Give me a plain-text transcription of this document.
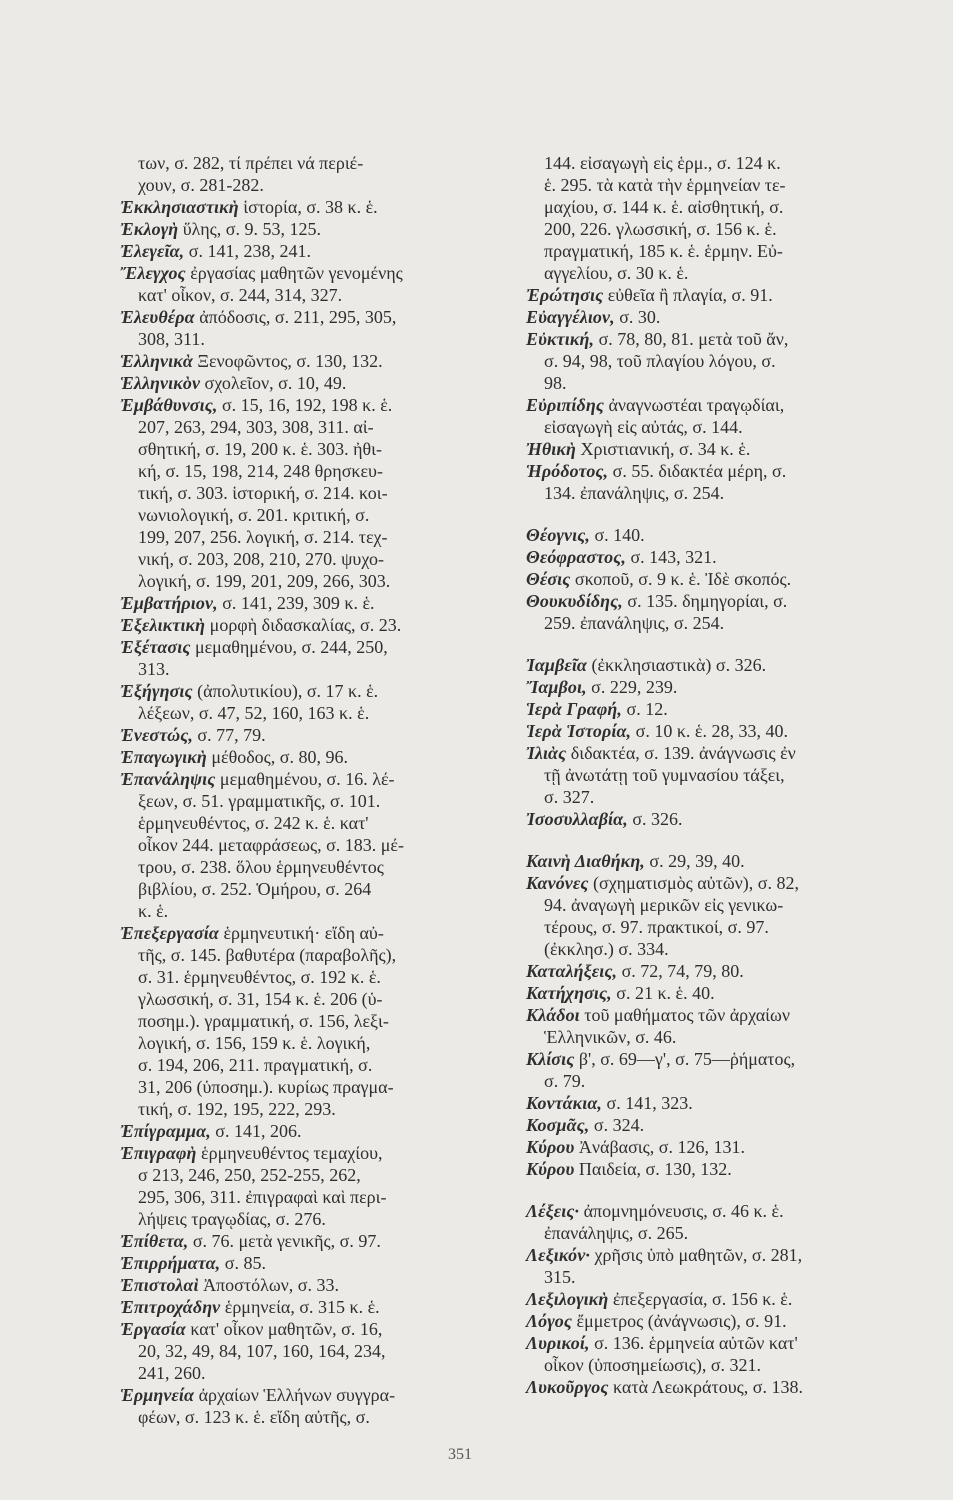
των, σ. 282, τί πρέπει νά περιέ-
χουν, σ. 281-282.
Ἐκκλησιαστικὴ ἱστορία, σ. 38 κ. ἑ.
Ἐκλογὴ ὕλης, σ. 9. 53, 125.
Ἐλεγεῖα, σ. 141, 238, 241.
Ἔλεγχος ἐργασίας μαθητῶν γενομένης
κατ' οἶκον, σ. 244, 314, 327.
Ἐλευθέρα ἀπόδοσις, σ. 211, 295, 305,
308, 311.
Ἑλληνικὰ Ξενοφῶντος, σ. 130, 132.
Ἑλληνικὸν σχολεῖον, σ. 10, 49.
Ἐμβάθυνσις, σ. 15, 16, 192, 198 κ. ἑ.
207, 263, 294, 303, 308, 311. αἰ-
σθητική, σ. 19, 200 κ. ἑ. 303. ἠθι-
κή, σ. 15, 198, 214, 248 θρησκευ-
τική, σ. 303. ἱστορική, σ. 214. κοι-
νωνιολογική, σ. 201. κριτική, σ.
199, 207, 256. λογική, σ. 214. τεχ-
νική, σ. 203, 208, 210, 270. ψυχο-
λογική, σ. 199, 201, 209, 266, 303.
Ἐμβατήριον, σ. 141, 239, 309 κ. ἑ.
Ἐξελικτικὴ μορφὴ διδασκαλίας, σ. 23.
Ἐξέτασις μεμαθημένου, σ. 244, 250,
313.
Ἐξήγησις (ἀπολυτικίου), σ. 17 κ. ἑ.
λέξεων, σ. 47, 52, 160, 163 κ. ἑ.
Ἐνεστώς, σ. 77, 79.
Ἐπαγωγικὴ μέθοδος, σ. 80, 96.
Ἐπανάληψις μεμαθημένου, σ. 16. λέ-
ξεων, σ. 51. γραμματικῆς, σ. 101.
ἑρμηνευθέντος, σ. 242 κ. ἑ. κατ'
οἶκον 244. μεταφράσεως, σ. 183. μέ-
τρου, σ. 238. ὅλου ἑρμηνευθέντος
βιβλίου, σ. 252. Ὁμήρου, σ. 264
κ. ἑ.
Ἐπεξεργασία ἑρμηνευτική· εἴδη αὐ-
τῆς, σ. 145. βαθυτέρα (παραβολῆς),
σ. 31. ἑρμηνευθέντος, σ. 192 κ. ἑ.
γλωσσική, σ. 31, 154 κ. ἑ. 206 (ὑ-
ποσημ.). γραμματική, σ. 156, λεξι-
λογική, σ. 156, 159 κ. ἑ. λογική,
σ. 194, 206, 211. πραγματική, σ.
31, 206 (ὑποσημ.). κυρίως πραγμα-
τική, σ. 192, 195, 222, 293.
Ἐπίγραμμα, σ. 141, 206.
Ἐπιγραφὴ ἑρμηνευθέντος τεμαχίου,
σ 213, 246, 250, 252-255, 262,
295, 306, 311. ἐπιγραφαὶ καὶ περι-
λήψεις τραγῳδίας, σ. 276.
Ἐπίθετα, σ. 76. μετὰ γενικῆς, σ. 97.
Ἐπιρρήματα, σ. 85.
Ἐπιστολαὶ Ἀποστόλων, σ. 33.
Ἐπιτροχάδην ἑρμηνεία, σ. 315 κ. ἑ.
Ἐργασία κατ' οἶκον μαθητῶν, σ. 16,
20, 32, 49, 84, 107, 160, 164, 234,
241, 260.
Ἑρμηνεία ἀρχαίων Ἑλλήνων συγγρα-
φέων, σ. 123 κ. ἑ. εἴδη αὐτῆς, σ.
144. εἰσαγωγὴ εἰς ἑρμ., σ. 124 κ.
ἑ. 295. τὰ κατὰ τὴν ἑρμηνείαν τε-
μαχίου, σ. 144 κ. ἑ. αἰσθητική, σ.
200, 226. γλωσσική, σ. 156 κ. ἑ.
πραγματική, 185 κ. ἑ. ἑρμην. Εὐ-
αγγελίου, σ. 30 κ. ἑ.
Ἐρώτησις εὐθεῖα ἢ πλαγία, σ. 91.
Εὐαγγέλιον, σ. 30.
Εὐκτική, σ. 78, 80, 81. μετὰ τοῦ ἄν,
σ. 94, 98, τοῦ πλαγίου λόγου, σ.
98.
Εὐριπίδης ἀναγνωστέαι τραγῳδίαι,
εἰσαγωγὴ εἰς αὐτάς, σ. 144.
Ἠθικὴ Χριστιανική, σ. 34 κ. ἑ.
Ἡρόδοτος, σ. 55. διδακτέα μέρη, σ.
134. ἐπανάληψις, σ. 254.
Θέογνις, σ. 140.
Θεόφραστος, σ. 143, 321.
Θέσις σκοποῦ, σ. 9 κ. ἑ. Ἰδὲ σκοπός.
Θουκυδίδης, σ. 135. δημηγορίαι, σ.
259. ἐπανάληψις, σ. 254.
Ἰαμβεῖα (ἐκκλησιαστικὰ) σ. 326.
Ἴαμβοι, σ. 229, 239.
Ἱερὰ Γραφή, σ. 12.
Ἱερὰ Ἱστορία, σ. 10 κ. ἑ. 28, 33, 40.
Ἰλιὰς διδακτέα, σ. 139. ἀνάγνωσις ἐν
τῇ ἀνωτάτῃ τοῦ γυμνασίου τάξει,
σ. 327.
Ἰσοσυλλαβία, σ. 326.
Καινὴ Διαθήκη, σ. 29, 39, 40.
Κανόνες (σχηματισμὸς αὐτῶν), σ. 82,
94. ἀναγωγὴ μερικῶν εἰς γενικω-
τέρους, σ. 97. πρακτικοί, σ. 97.
(ἐκκλησ.) σ. 334.
Καταλήξεις, σ. 72, 74, 79, 80.
Κατήχησις, σ. 21 κ. ἑ. 40.
Κλάδοι τοῦ μαθήματος τῶν ἀρχαίων
Ἑλληνικῶν, σ. 46.
Κλίσις β', σ. 69—γ', σ. 75—ῥήματος,
σ. 79.
Κοντάκια, σ. 141, 323.
Κοσμᾶς, σ. 324.
Κύρου Ἀνάβασις, σ. 126, 131.
Κύρου Παιδεία, σ. 130, 132.
Λέξεις· ἀπομνημόνευσις, σ. 46 κ. ἑ.
ἐπανάληψις, σ. 265.
Λεξικόν· χρῆσις ὑπὸ μαθητῶν, σ. 281,
315.
Λεξιλογικὴ ἐπεξεργασία, σ. 156 κ. ἑ.
Λόγος ἔμμετρος (ἀνάγνωσις), σ. 91.
Λυρικοί, σ. 136. ἑρμηνεία αὐτῶν κατ'
οἶκον (ὑποσημείωσις), σ. 321.
Λυκοῦργος κατὰ Λεωκράτους, σ. 138.
351
